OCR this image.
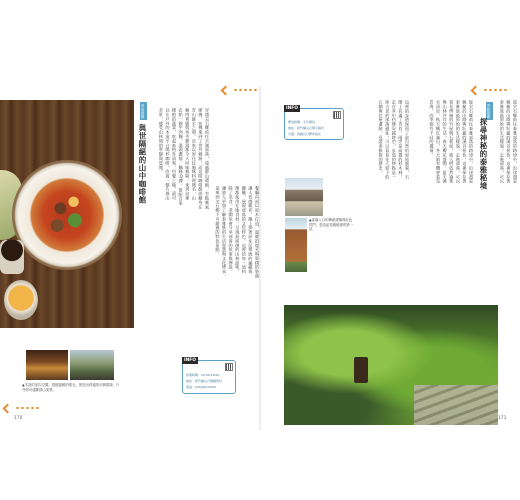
美食推薦
與世隔絕的山中咖啡館	穿越尖石鄉前往天湖部落，遠處群山環抱，有點霧氣
繚繞，彷彿來到了世外桃源，而這間咖啡館就藏身在
青山綠水之間。店家以原住民風味料理聞名，山
豬肉香腸與馬告雞湯都令人回味無窮，來到這裡
必點一碗牛肉麵，湯頭濃郁，麵條Q彈，搭配自家
種植的蔬菜，吃起來格外清爽。用餐之後，還可
以在戶外的木造平台喝杯咖啡，欣賞一整片群山
美景，感受山林間的寧靜與悠閒。
餐廳內部以原木打造，溫暖的燈光與質樸的裝潢
讓人倍感親切，牆上掛著原住民傳統的編織與
圖騰，展現部落的文化特色。這裡的每一道料
理都使用在地食材，呈現最純樸的山林滋味。
除了美食，老闆也會分享部落的故事與傳說，
讓旅人更加了解泰雅族的生活智慧與文化傳承，
是來到尖石鄉不可錯過的特色景點。
INFO
營業時間：10:00-18:00
地址：新竹縣尖石鄉錦屏村
電話：(03)584-XXXX
▲木造的室內空間，搭配溫暖的燈光，營造出舒適的用餐環境；戶外則可遠眺群山美景。
170
INFO
開放時間：全年開放
地址：新竹縣尖石鄉玉峰村
交通：建議自行開車前往
景點推薦
探尋神秘的泰雅秘境
從尖石鄉前往泰雅部落的路途中，沿途盡是
蜿蜒的山路與壯麗的溪谷景色，這裡保存著
泰雅族最原始的生活樣貌。走進部落，可以
看見傳統的竹屋與石板屋，族人們依然過著
與山林共存的生活。春天櫻花盛開，夏天溪
水清涼，秋天楓紅滿山，冬天則有機會看見
雲海，四季都有不同的風情。
這裡的步道保留了最自然的原始風貌，石
階上長滿了青苔，兩旁是高聳的杉木林，
走在其中彷彿穿越時空。步道的終點是一
座古老的部落遺址，可以看見先人留下的
石牆與住屋遺跡，見證泰雅族的歷史。	從尖石鄉前往泰雅部落的路途中，沿途盡是
蜿蜒的山路與壯麗的溪谷景色，這裡保存著
泰雅族最原始的生活樣貌。走進部落，可以
▲部落入口的傳統建築與紅色拱門，是造訪泰雅秘境的第一站。
171
